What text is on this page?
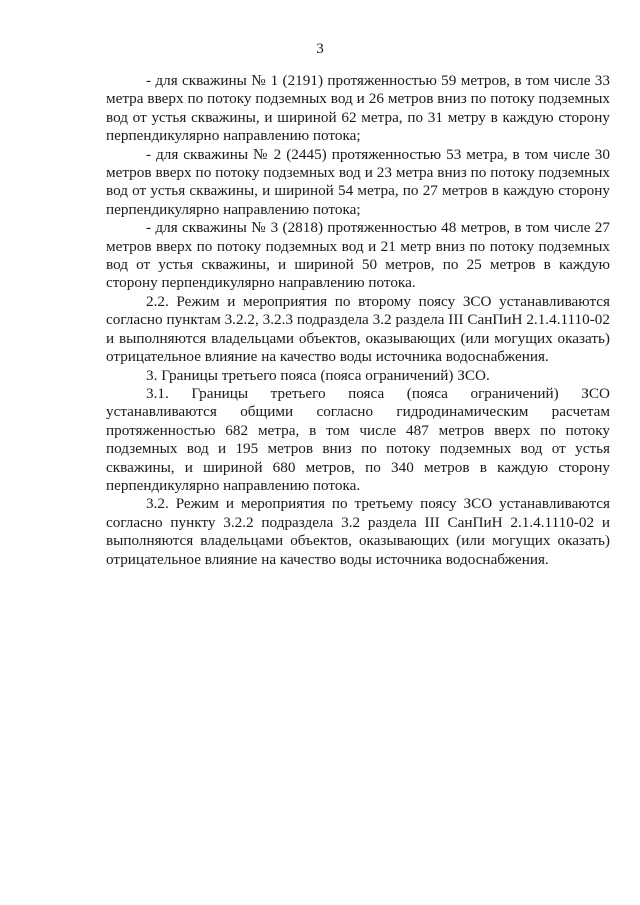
3

- для скважины № 1 (2191) протяженностью 59 метров, в том числе 33 метра вверх по потоку подземных вод и 26 метров вниз по потоку подземных вод от устья скважины, и шириной 62 метра, по 31 метру в каждую сторону перпендикулярно направлению потока;

- для скважины № 2 (2445) протяженностью 53 метра, в том числе 30 метров вверх по потоку подземных вод и 23 метра вниз по потоку подземных вод от устья скважины, и шириной 54 метра, по 27 метров в каждую сторону перпендикулярно направлению потока;

- для скважины № 3 (2818) протяженностью 48 метров, в том числе 27 метров вверх по потоку подземных вод и 21 метр вниз по потоку подземных вод от устья скважины, и шириной 50 метров, по 25 метров в каждую сторону перпендикулярно направлению потока.

2.2. Режим и мероприятия по второму поясу ЗСО устанавливаются согласно пунктам 3.2.2, 3.2.3 подраздела 3.2 раздела III СанПиН 2.1.4.1110-02 и выполняются владельцами объектов, оказывающих (или могущих оказать) отрицательное влияние на качество воды источника водоснабжения.

3. Границы третьего пояса (пояса ограничений) ЗСО.

3.1. Границы третьего пояса (пояса ограничений) ЗСО устанавливаются общими согласно гидродинамическим расчетам протяженностью 682 метра, в том числе 487 метров вверх по потоку подземных вод и 195 метров вниз по потоку подземных вод от устья скважины, и шириной 680 метров, по 340 метров в каждую сторону перпендикулярно направлению потока.

3.2. Режим и мероприятия по третьему поясу ЗСО устанавливаются согласно пункту 3.2.2 подраздела 3.2 раздела III СанПиН 2.1.4.1110-02 и выполняются владельцами объектов, оказывающих (или могущих оказать) отрицательное влияние на качество воды источника водоснабжения.
